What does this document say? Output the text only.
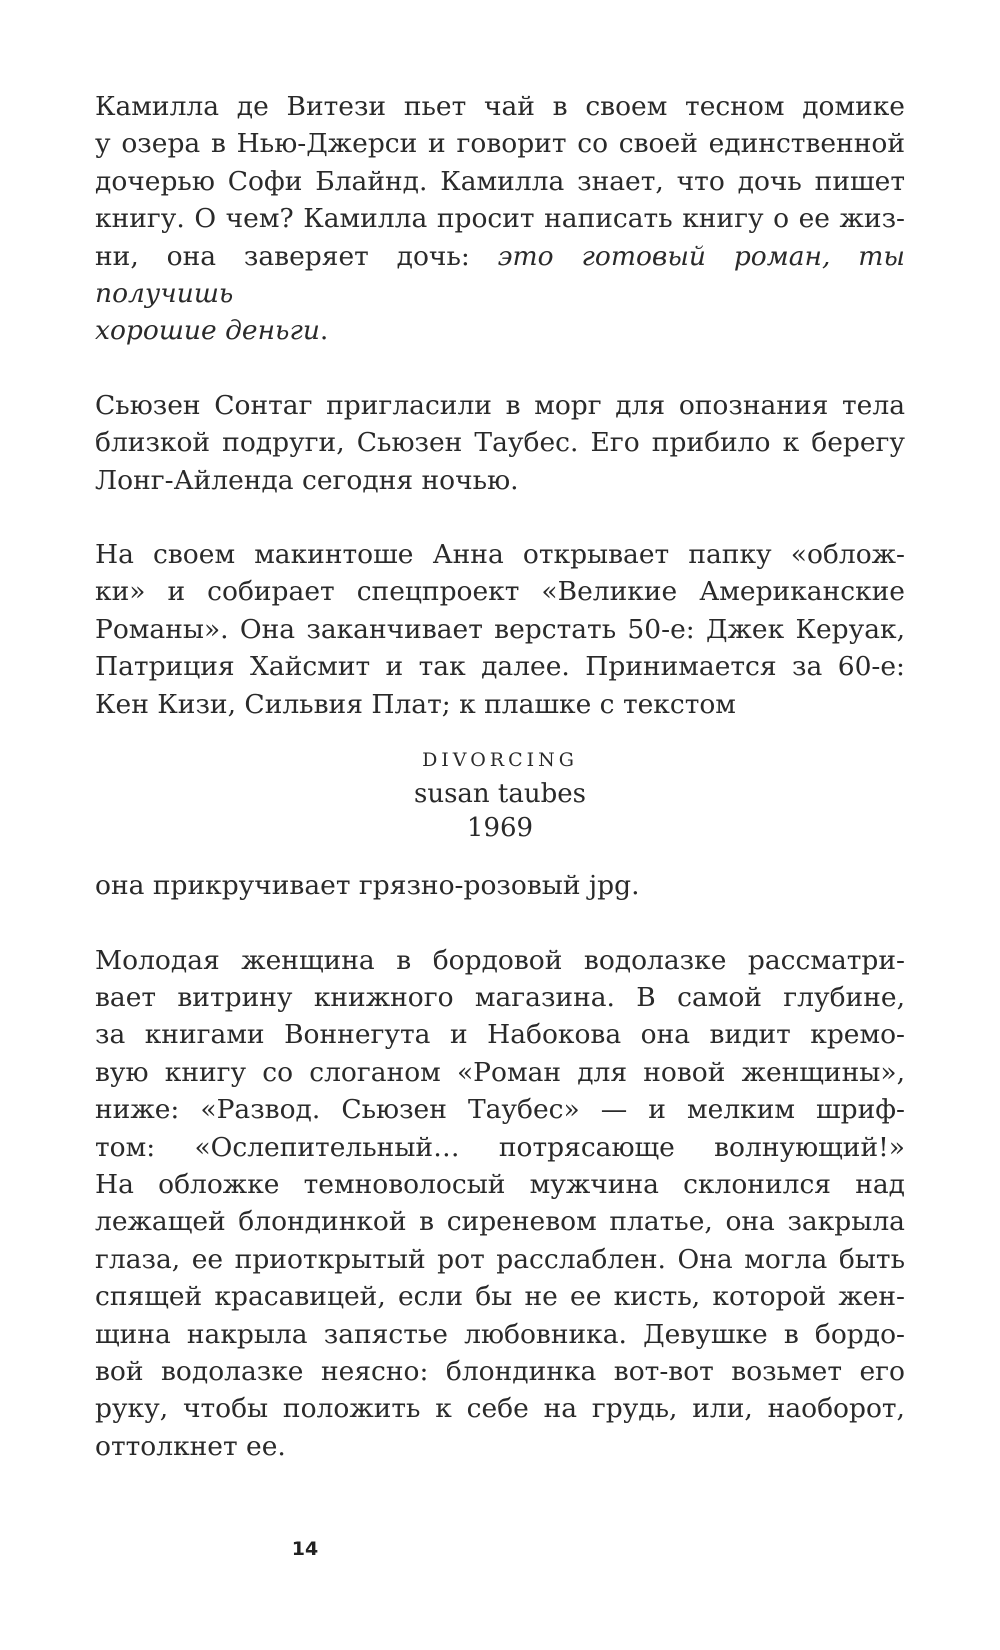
Камилла де Витези пьет чай в своем тесном домике
у озера в Нью-Джерси и говорит со своей единственной
дочерью Софи Блайнд. Камилла знает, что дочь пишет
книгу. О чем? Камилла просит написать книгу о ее жиз-
ни, она заверяет дочь: это готовый роман, ты получишь
хорошие деньги.

Сьюзен Сонтаг пригласили в морг для опознания тела
близкой подруги, Сьюзен Таубес. Его прибило к берегу
Лонг-Айленда сегодня ночью.

На своем макинтоше Анна открывает папку «облож-
ки» и собирает спецпроект «Великие Американские
Романы». Она заканчивает верстать 50-е: Джек Керуак,
Патриция Хайсмит и так далее. Принимается за 60-е:
Кен Кизи, Сильвия Плат; к плашке с текстом

DIVORCING
susan taubes
1969

она прикручивает грязно-розовый jpg.

Молодая женщина в бордовой водолазке рассматри-
вает витрину книжного магазина. В самой глубине,
за книгами Воннегута и Набокова она видит кремо-
вую книгу со слоганом «Роман для новой женщины»,
ниже: «Развод. Сьюзен Таубес» — и мелким шриф-
том: «Ослепительный… потрясающе волнующий!»
На обложке темноволосый мужчина склонился над
лежащей блондинкой в сиреневом платье, она закрыла
глаза, ее приоткрытый рот расслаблен. Она могла быть
спящей красавицей, если бы не ее кисть, которой жен-
щина накрыла запястье любовника. Девушке в бордо-
вой водолазке неясно: блондинка вот-вот возьмет его
руку, чтобы положить к себе на грудь, или, наоборот,
оттолкнет ее.

14
